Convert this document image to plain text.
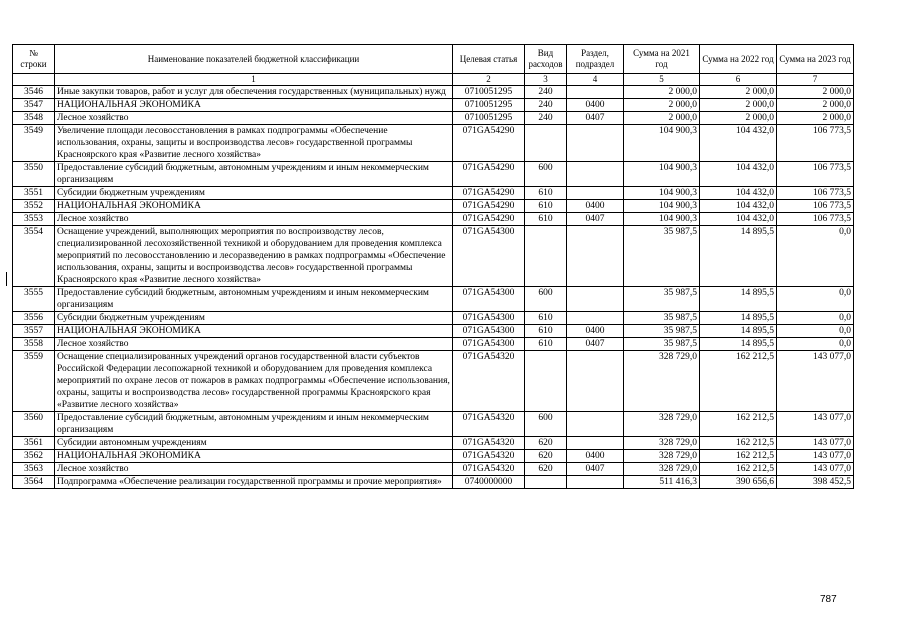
№ строки	Наименование показателей бюджетной классификации	Целевая статья	Вид расходов	Раздел, подраздел	Сумма на 2021 год	Сумма на 2022 год	Сумма на 2023 год
	1	2	3	4	5	6	7
3546	Иные закупки товаров, работ и услуг для обеспечения государственных (муниципальных) нужд	0710051295	240		2 000,0	2 000,0	2 000,0
3547	НАЦИОНАЛЬНАЯ ЭКОНОМИКА	0710051295	240	0400	2 000,0	2 000,0	2 000,0
3548	Лесное хозяйство	0710051295	240	0407	2 000,0	2 000,0	2 000,0
3549	Увеличение площади лесовосстановления в рамках подпрограммы «Обеспечение использования, охраны, защиты и воспроизводства лесов» государственной программы Красноярского края «Развитие лесного хозяйства»	071GA54290			104 900,3	104 432,0	106 773,5
3550	Предоставление субсидий бюджетным, автономным учреждениям и иным некоммерческим организациям	071GA54290	600		104 900,3	104 432,0	106 773,5
3551	Субсидии бюджетным учреждениям	071GA54290	610		104 900,3	104 432,0	106 773,5
3552	НАЦИОНАЛЬНАЯ ЭКОНОМИКА	071GA54290	610	0400	104 900,3	104 432,0	106 773,5
3553	Лесное хозяйство	071GA54290	610	0407	104 900,3	104 432,0	106 773,5
3554	Оснащение учреждений, выполняющих мероприятия по воспроизводству лесов, специализированной лесохозяйственной техникой и оборудованием для проведения комплекса мероприятий по лесовосстановлению и лесоразведению в рамках подпрограммы «Обеспечение использования, охраны, защиты и воспроизводства лесов» государственной программы Красноярского края «Развитие лесного хозяйства»	071GA54300			35 987,5	14 895,5	0,0
3555	Предоставление субсидий бюджетным, автономным учреждениям и иным некоммерческим организациям	071GA54300	600		35 987,5	14 895,5	0,0
3556	Субсидии бюджетным учреждениям	071GA54300	610		35 987,5	14 895,5	0,0
3557	НАЦИОНАЛЬНАЯ ЭКОНОМИКА	071GA54300	610	0400	35 987,5	14 895,5	0,0
3558	Лесное хозяйство	071GA54300	610	0407	35 987,5	14 895,5	0,0
3559	Оснащение специализированных учреждений органов государственной власти субъектов Российской Федерации лесопожарной техникой и оборудованием для проведения комплекса мероприятий по охране лесов от пожаров в рамках подпрограммы «Обеспечение использования, охраны, защиты и воспроизводства лесов» государственной программы Красноярского края «Развитие лесного хозяйства»	071GA54320			328 729,0	162 212,5	143 077,0
3560	Предоставление субсидий бюджетным, автономным учреждениям и иным некоммерческим организациям	071GA54320	600		328 729,0	162 212,5	143 077,0
3561	Субсидии автономным учреждениям	071GA54320	620		328 729,0	162 212,5	143 077,0
3562	НАЦИОНАЛЬНАЯ ЭКОНОМИКА	071GA54320	620	0400	328 729,0	162 212,5	143 077,0
3563	Лесное хозяйство	071GA54320	620	0407	328 729,0	162 212,5	143 077,0
3564	Подпрограмма «Обеспечение реализации государственной программы и прочие мероприятия»	0740000000			511 416,3	390 656,6	398 452,5
787
